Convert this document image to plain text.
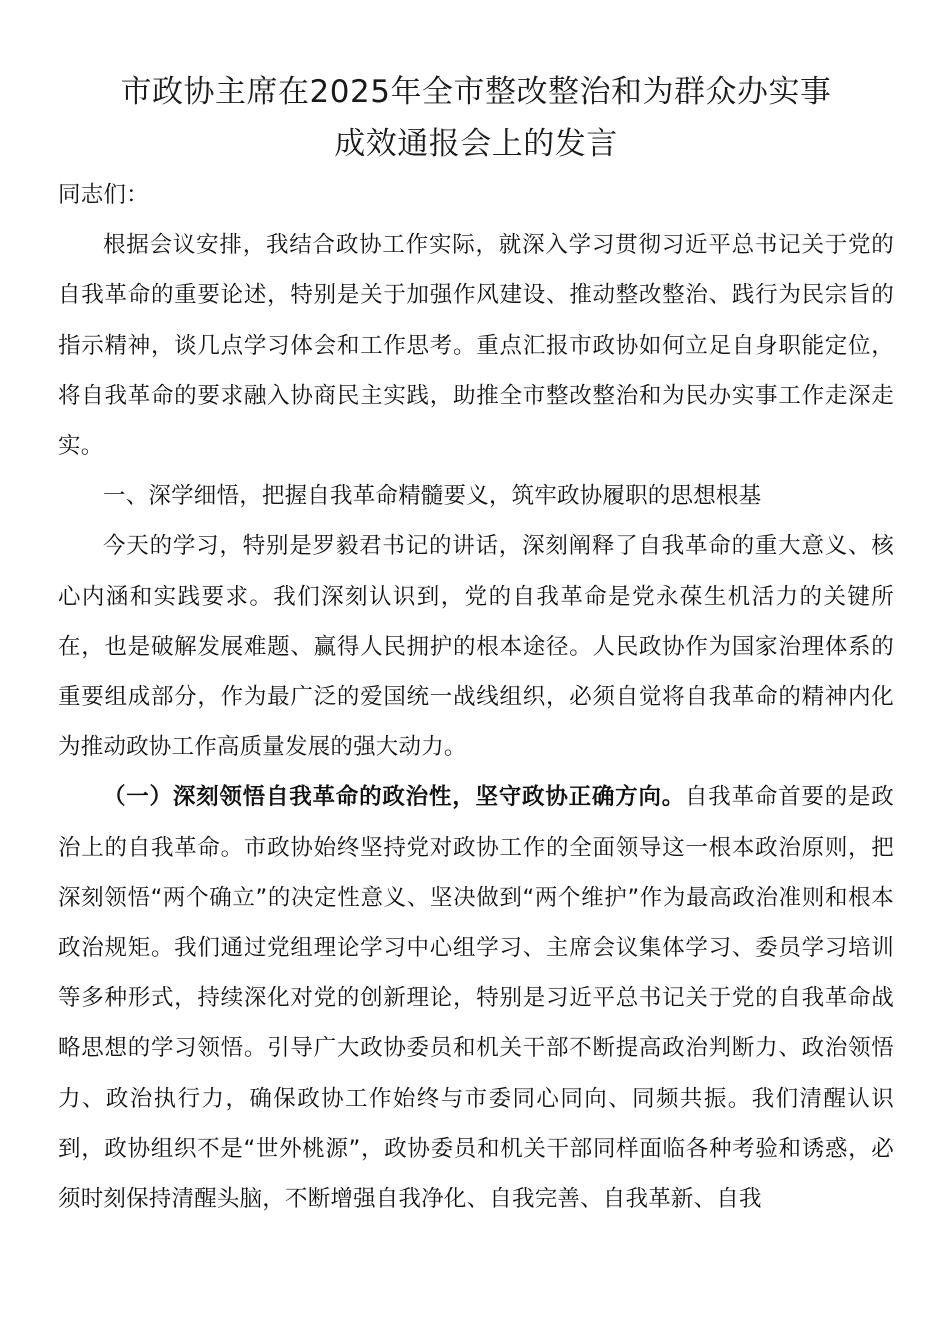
市政协主席在2025年全市整改整治和为群众办实事
成效通报会上的发言

同志们：

根据会议安排，我结合政协工作实际，就深入学习贯彻习近平总书记关于党的自我革命的重要论述，特别是关于加强作风建设、推动整改整治、践行为民宗旨的指示精神，谈几点学习体会和工作思考。重点汇报市政协如何立足自身职能定位，将自我革命的要求融入协商民主实践，助推全市整改整治和为民办实事工作走深走实。

一、深学细悟，把握自我革命精髓要义，筑牢政协履职的思想根基

今天的学习，特别是罗毅君书记的讲话，深刻阐释了自我革命的重大意义、核心内涵和实践要求。我们深刻认识到，党的自我革命是党永葆生机活力的关键所在，也是破解发展难题、赢得人民拥护的根本途径。人民政协作为国家治理体系的重要组成部分，作为最广泛的爱国统一战线组织，必须自觉将自我革命的精神内化为推动政协工作高质量发展的强大动力。

（一）深刻领悟自我革命的政治性，坚守政协正确方向。自我革命首要的是政治上的自我革命。市政协始终坚持党对政协工作的全面领导这一根本政治原则，把深刻领悟“两个确立”的决定性意义、坚决做到“两个维护”作为最高政治准则和根本政治规矩。我们通过党组理论学习中心组学习、主席会议集体学习、委员学习培训等多种形式，持续深化对党的创新理论，特别是习近平总书记关于党的自我革命战略思想的学习领悟。引导广大政协委员和机关干部不断提高政治判断力、政治领悟力、政治执行力，确保政协工作始终与市委同心同向、同频共振。我们清醒认识到，政协组织不是“世外桃源”，政协委员和机关干部同样面临各种考验和诱惑，必须时刻保持清醒头脑，不断增强自我净化、自我完善、自我革新、自我
